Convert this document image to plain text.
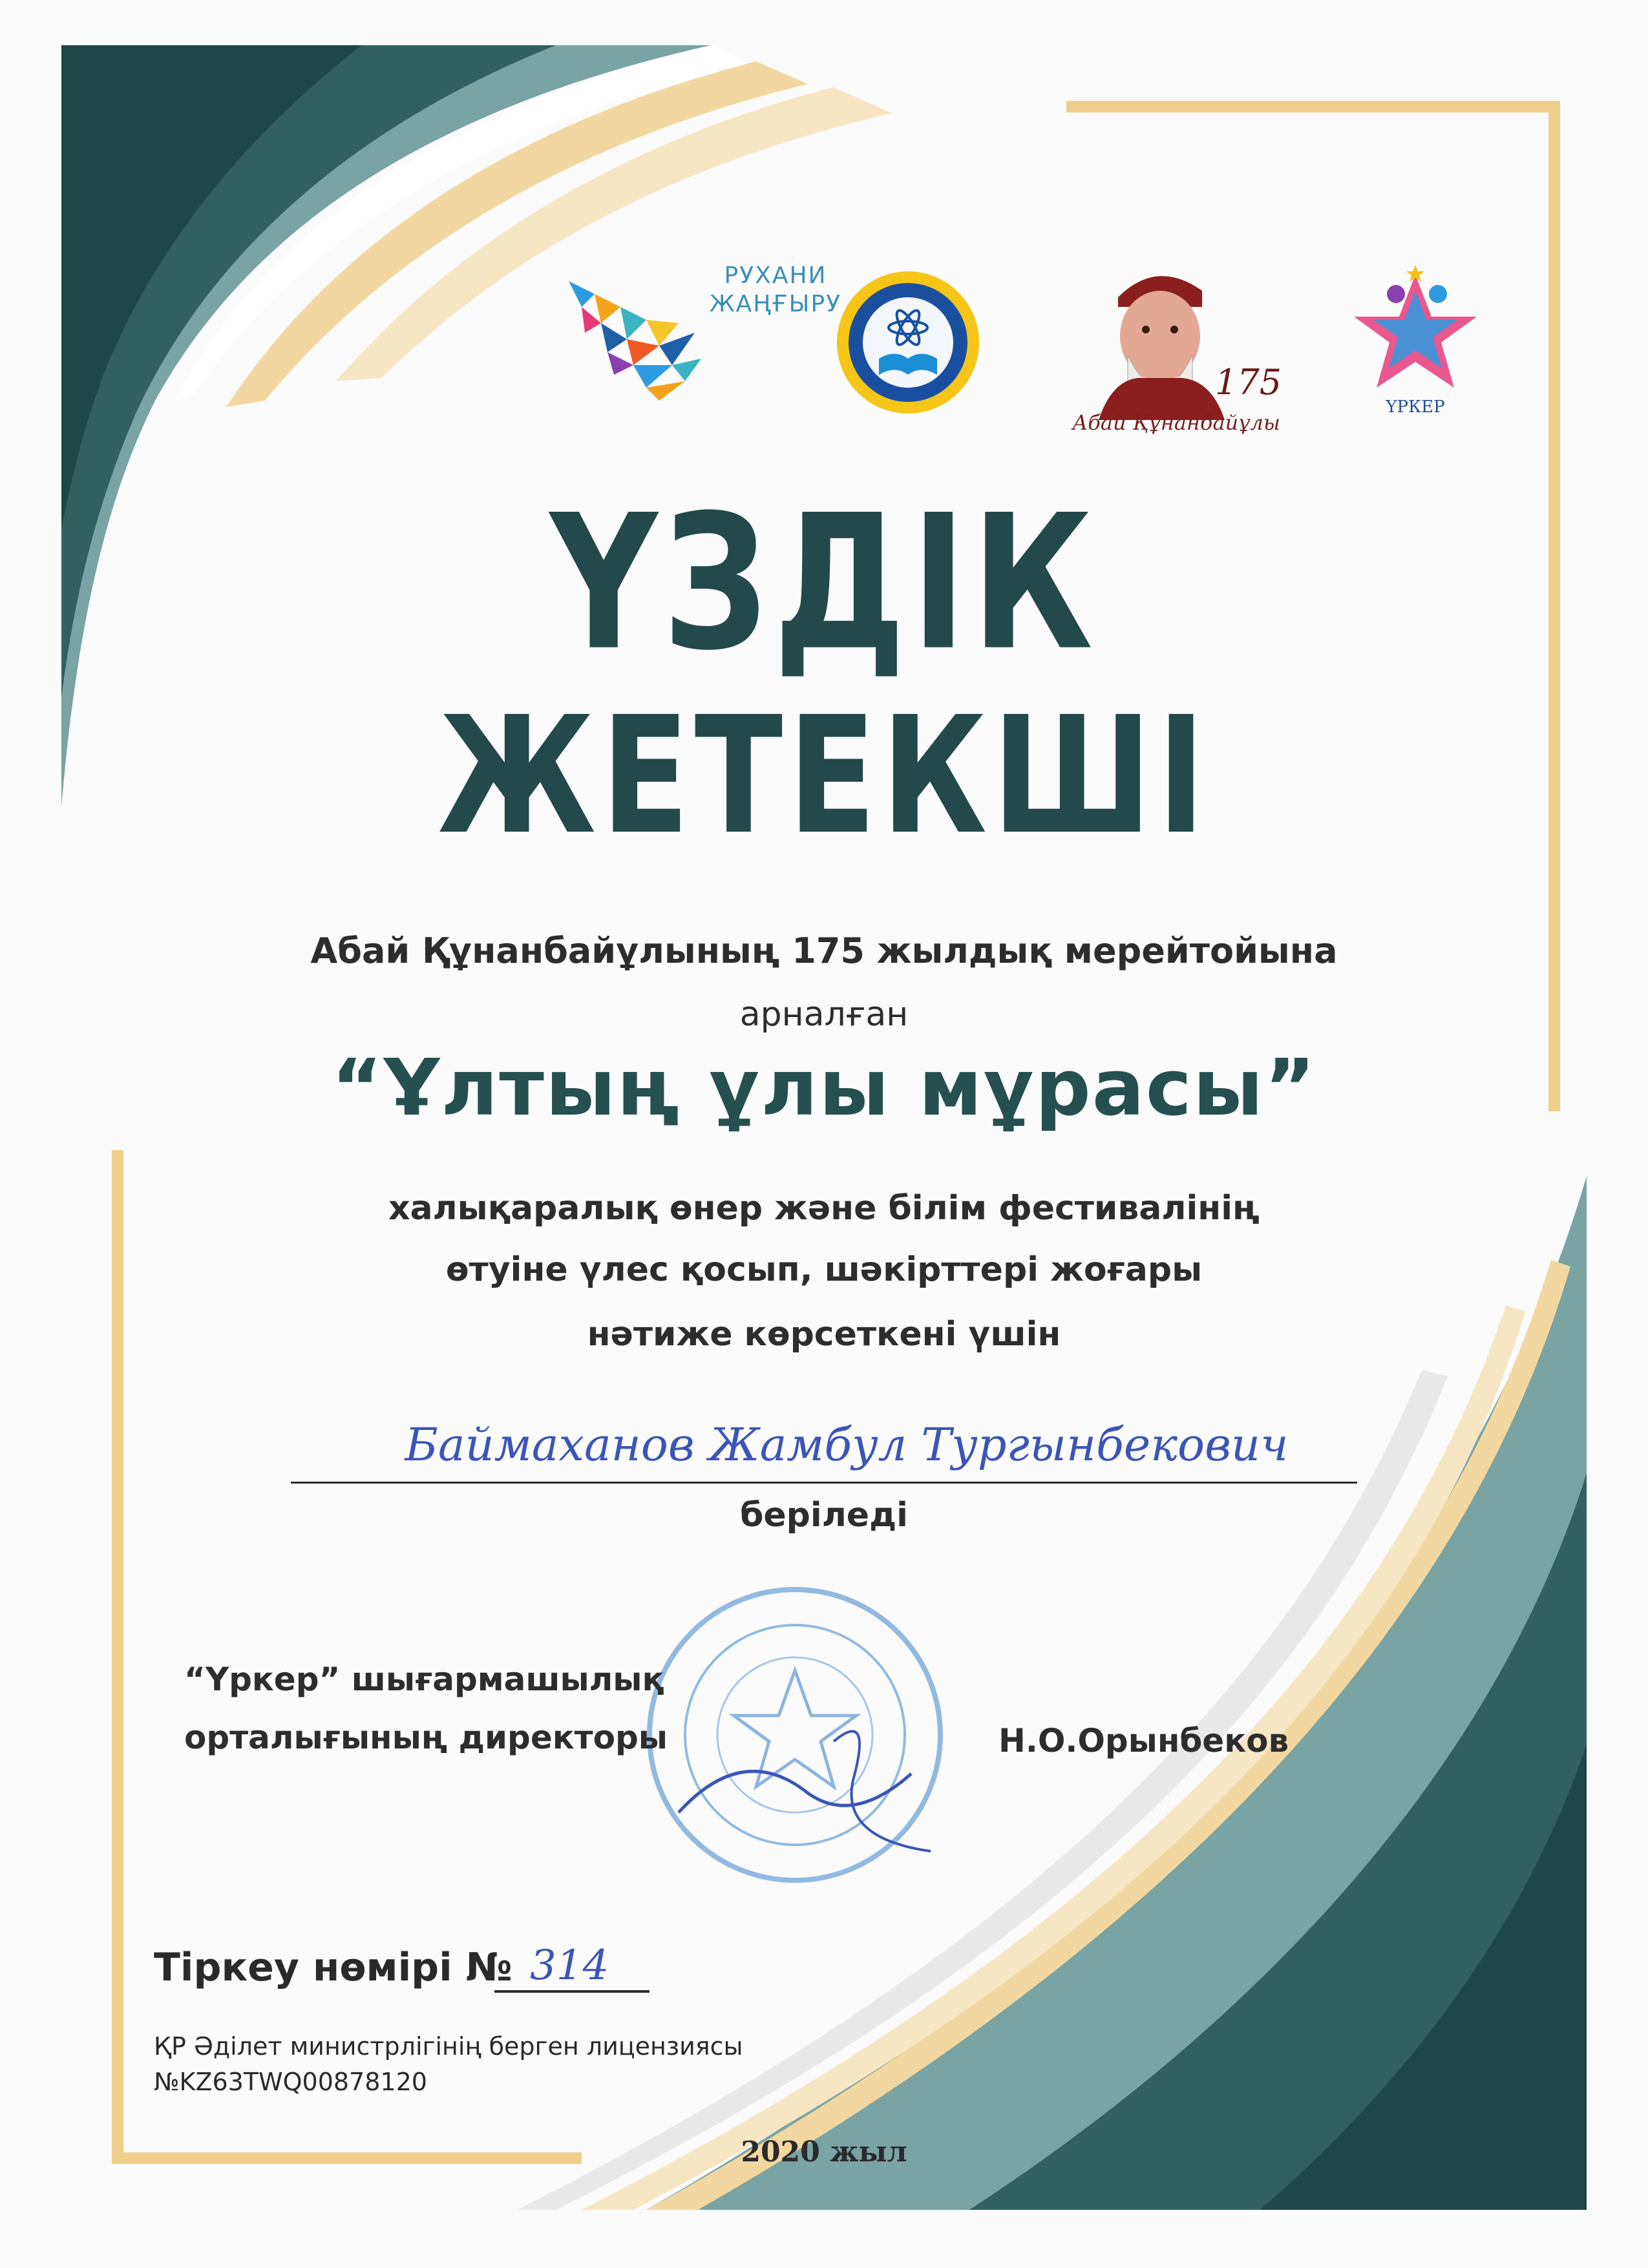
РУХАНИ ЖАҢҒЫРУ
175
Абай Құнанбайұлы
ҮРКЕР
ҮЗДІК
ЖЕТЕКШІ
Абай Құнанбайұлының 175 жылдық мерейтойына
арналған
“Ұлтың ұлы мұрасы”
халықаралық өнер және білім фестивалінің
өтуіне үлес қосып, шәкірттері жоғары
нәтиже көрсеткені үшін
Баймаханов Жамбул Тургынбекович
беріледі
“Үркер” шығармашылық
орталығының директоры	Н.О.Орынбеков
Тіркеу нөмірі № 314
ҚР Әділет министрлігінің берген лицензиясы
№KZ63TWQ00878120
2020 жыл
